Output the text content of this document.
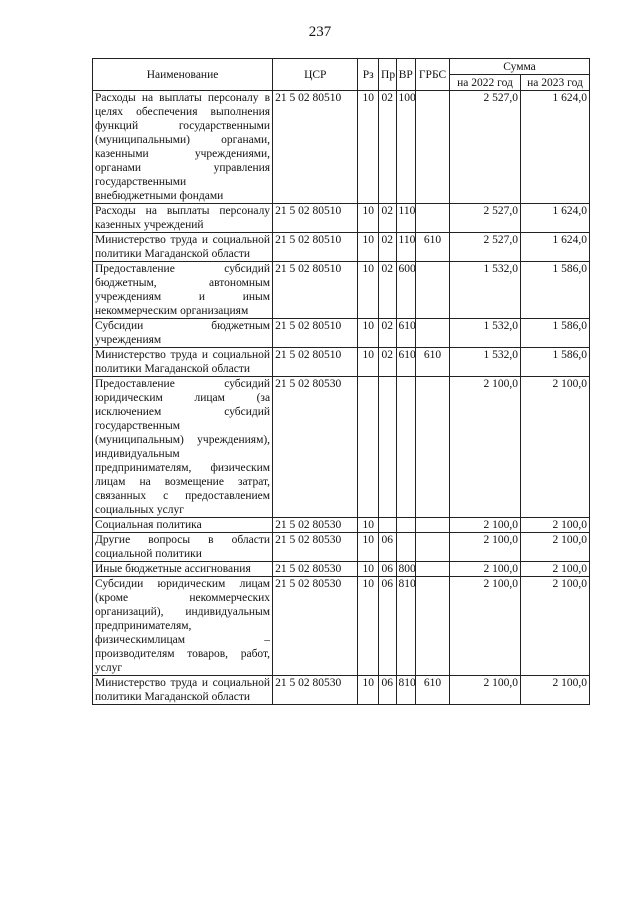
237
Наименование	ЦСР	Рз	Пр	ВР	ГРБС	Сумма	
						на 2022 год	на 2023 год
Расходы на выплаты персоналу в целях обеспечения выполнения функций государственными (муниципальными) органами, казенными учреждениями, органами управления государственными внебюджетными фондами	21 5 02 80510	10	02	100		2 527,0	1 624,0
Расходы на выплаты персоналу казенных учреждений	21 5 02 80510	10	02	110		2 527,0	1 624,0
Министерство труда и социальной политики Магаданской области	21 5 02 80510	10	02	110	610	2 527,0	1 624,0
Предоставление субсидий бюджетным, автономным учреждениям и иным некоммерческим организациям	21 5 02 80510	10	02	600		1 532,0	1 586,0
Субсидии бюджетным учреждениям	21 5 02 80510	10	02	610		1 532,0	1 586,0
Министерство труда и социальной политики Магаданской области	21 5 02 80510	10	02	610	610	1 532,0	1 586,0
Предоставление субсидий юридическим лицам (за исключением субсидий государственным (муниципальным) учреждениям), индивидуальным предпринимателям, физическим лицам на возмещение затрат, связанных с предоставлением социальных услуг	21 5 02 80530					2 100,0	2 100,0
Социальная политика	21 5 02 80530	10				2 100,0	2 100,0
Другие вопросы в области социальной политики	21 5 02 80530	10	06			2 100,0	2 100,0
Иные бюджетные ассигнования	21 5 02 80530	10	06	800		2 100,0	2 100,0
Субсидии юридическим лицам (кроме некоммерческих организаций), индивидуальным предпринимателям, физическимлицам – производителям товаров, работ, услуг	21 5 02 80530	10	06	810		2 100,0	2 100,0
Министерство труда и социальной политики Магаданской области	21 5 02 80530	10	06	810	610	2 100,0	2 100,0
